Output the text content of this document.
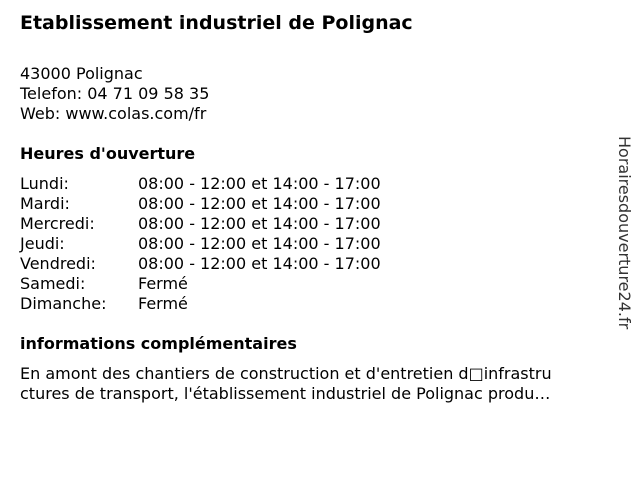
Etablissement industriel de Polignac
43000 Polignac
Telefon: 04 71 09 58 35
Web: www.colas.com/fr
Heures d'ouverture
Lundi:	08:00 - 12:00 et 14:00 - 17:00
Mardi:	08:00 - 12:00 et 14:00 - 17:00
Mercredi:	08:00 - 12:00 et 14:00 - 17:00
Jeudi:	08:00 - 12:00 et 14:00 - 17:00
Vendredi:	08:00 - 12:00 et 14:00 - 17:00
Samedi:	Fermé
Dimanche: Fermé
informations complémentaires
En amont des chantiers de construction et d'entretien d□infrastru
ctures de transport, l'établissement industriel de Polignac produ…
Horairesdouverture24.fr
